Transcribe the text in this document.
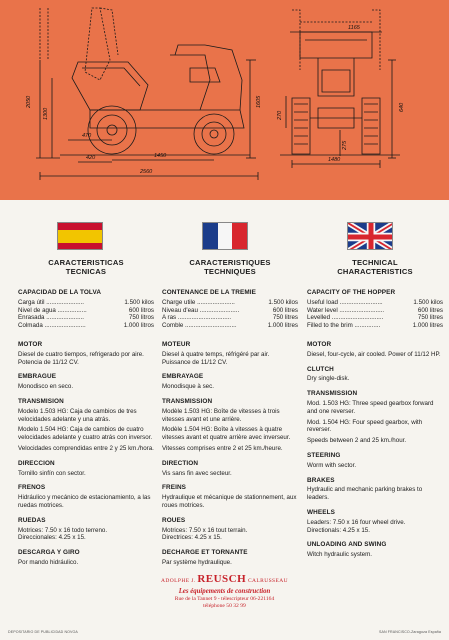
2050
1300
470
420	1450
2560
1605
1165
270
640
275
1480
CARACTERISTICAS
TECNICAS
CAPACIDAD DE LA TOLVA
Carga útil ......................	1.500 kilos
Nivel de agua .................	600 litros
Enrasada ......................	750 litros
Colmada ........................	1.000 litros
MOTOR
Diesel de cuatro tiempos, refrigerado por aire. Potencia de 11/12 CV.
EMBRAGUE
Monodisco en seco.
TRANSMISION
Modelo 1.503 HG: Caja de cambios de tres velocidades adelante y una atrás.
Modelo 1.504 HG: Caja de cambios de cuatro velocidades adelante y cuatro atrás con inversor.
Velocidades comprendidas entre 2 y 25 km./hora.
DIRECCION
Tornillo sinfín con sector.
FRENOS
Hidráulico y mecánico de estacionamiento, a las ruedas motrices.
RUEDAS
Motrices: 7.50 x 16 todo terreno.
Direccionales: 4.25 x 15.
DESCARGA Y GIRO
Por mando hidráulico.
CARACTERISTIQUES
TECHNIQUES
CONTENANCE DE LA TREMIE
Charge utile ......................	1.500 kilos
Niveau d'eau .......................	600 litres
A ras ...............................	750 litres
Comble ..............................	1.000 litres
MOTEUR
Diesel à quatre temps, réfrigéré par air. Puissance de 11/12 CV.
EMBRAYAGE
Monodisque à sec.
TRANSMISSION
Modèle 1.503 HG: Boîte de vitesses à trois vitesses avant et une arrière.
Modèle 1.504 HG: Boîte à vitesses à quatre vitesses avant et quatre arrière avec inverseur.
Vitesses comprises entre 2 et 25 km./heure.
DIRECTION
Vis sans fin avec secteur.
FREINS
Hydraulique et mécanique de stationnement, aux roues motrices.
ROUES
Motrices: 7.50 x 16 tout terrain.
Directrices: 4.25 x 15.
DECHARGE ET TORNANTE
Par système hydraulique.
TECHNICAL
CHARACTERISTICS
CAPACITY OF THE HOPPER
Useful load .........................	1.500 kilos
Water level ..........................	600 litres
Levelled ..............................	750 litres
Filled to the brim ...............	1.000 litres
MOTOR
Diesel, four-cycle, air cooled. Power of 11/12 HP.
CLUTCH
Dry single-disk.
TRANSMISSION
Mod. 1.503 HG: Three speed gearbox forward and one reverser.
Mod. 1.504 HG: Four speed gearbox, with reverser.
Speeds between 2 and 25 km./hour.
STEERING
Worm with sector.
BRAKES
Hydraulic and mechanic parking brakes to leaders.
WHEELS
Leaders: 7.50 x 16 four wheel drive.
Directionals: 4.25 x 15.
UNLOADING AND SWING
Witch hydraulic system.
ADOLPHE J. REUSCH CALRUSSEAU
Les équipements de construction
Rue de la Tannet 9 - télescripteur 06-221164
téléphone 50 32 99
DEPOSITARIO DE PUBLICIDAD NOVOA	SAN FRANCISCO-Zaragoza España
